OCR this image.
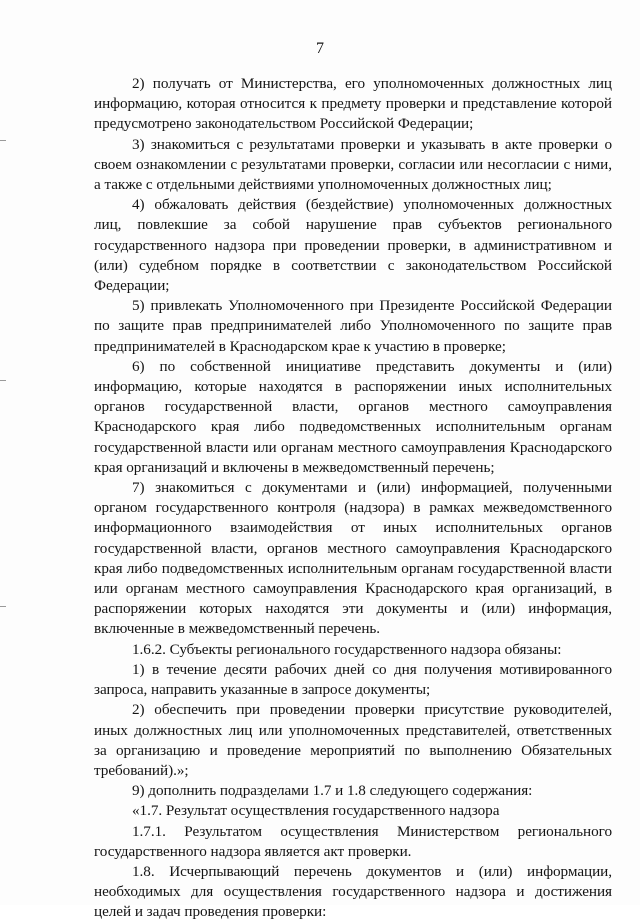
7

2) получать от Министерства, его уполномоченных должностных лиц информацию, которая относится к предмету проверки и представление которой предусмотрено законодательством Российской Федерации;

3) знакомиться с результатами проверки и указывать в акте проверки о своем ознакомлении с результатами проверки, согласии или несогласии с ними, а также с отдельными действиями уполномоченных должностных лиц;

4) обжаловать действия (бездействие) уполномоченных должностных лиц, повлекшие за собой нарушение прав субъектов регионального государственного надзора при проведении проверки, в административном и (или) судебном порядке в соответствии с законодательством Российской Федерации;

5) привлекать Уполномоченного при Президенте Российской Федерации по защите прав предпринимателей либо Уполномоченного по защите прав предпринимателей в Краснодарском крае к участию в проверке;

6) по собственной инициативе представить документы и (или) информацию, которые находятся в распоряжении иных исполнительных органов государственной власти, органов местного самоуправления Краснодарского края либо подведомственных исполнительным органам государственной власти или органам местного самоуправления Краснодарского края организаций и включены в межведомственный перечень;

7) знакомиться с документами и (или) информацией, полученными органом государственного контроля (надзора) в рамках межведомственного информационного взаимодействия от иных исполнительных органов государственной власти, органов местного самоуправления Краснодарского края либо подведомственных исполнительным органам государственной власти или органам местного самоуправления Краснодарского края организаций, в распоряжении которых находятся эти документы и (или) информация, включенные в межведомственный перечень.

1.6.2. Субъекты регионального государственного надзора обязаны:

1) в течение десяти рабочих дней со дня получения мотивированного запроса, направить указанные в запросе документы;

2) обеспечить при проведении проверки присутствие руководителей, иных должностных лиц или уполномоченных представителей, ответственных за организацию и проведение мероприятий по выполнению Обязательных требований).»;

9) дополнить подразделами 1.7 и 1.8 следующего содержания:

«1.7. Результат осуществления государственного надзора

1.7.1. Результатом осуществления Министерством регионального государственного надзора является акт проверки.

1.8. Исчерпывающий перечень документов и (или) информации, необходимых для осуществления государственного надзора и достижения целей и задач проведения проверки:
